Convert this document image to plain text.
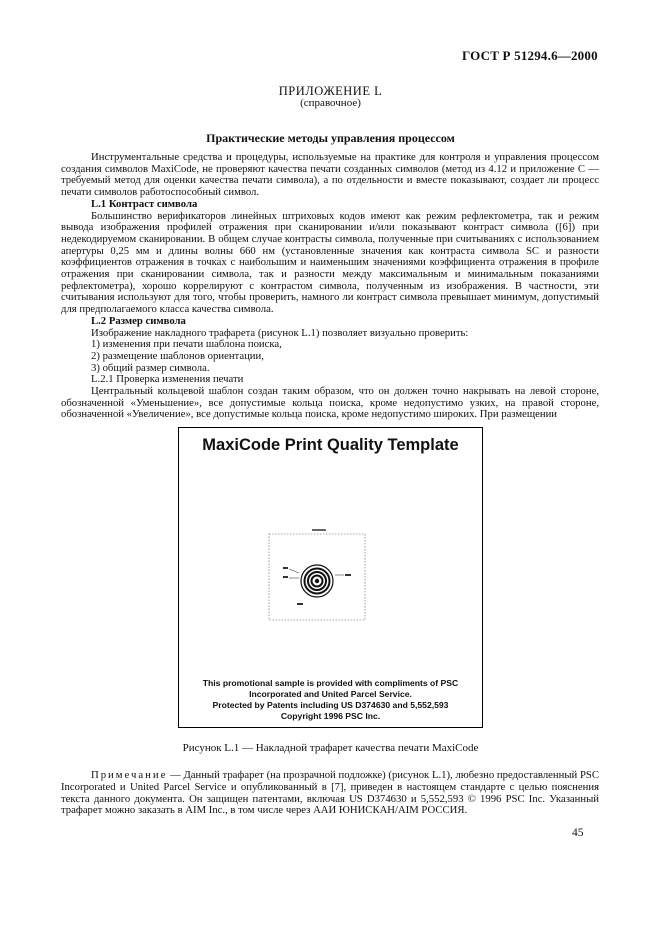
ГОСТ Р 51294.6—2000
ПРИЛОЖЕНИЕ L
(справочное)
Практические методы управления процессом

Инструментальные средства и процедуры, используемые на практике для контроля и управления процессом создания символов MaxiCode, не проверяют качества печати созданных символов (метод из 4.12 и приложение С — требуемый метод для оценки качества печати символа), а по отдельности и вместе показывают, создает ли процесс печати символов работоспособный символ.

L.1 Контраст символа

Большинство верификаторов линейных штриховых кодов имеют как режим рефлектометра, так и режим вывода изображения профилей отражения при сканировании и/или показывают контраст символа ([6]) при недекодируемом сканировании. В общем случае контрасты символа, полученные при считываниях с использованием апертуры 0,25 мм и длины волны 660 нм (установленные значения как контраста символа SC и разности коэффициентов отражения в точках с наибольшим и наименьшим значениями коэффициента отражения в профиле отражения при сканировании символа, так и разности между максимальным и минимальным показаниями рефлектометра), хорошо коррелируют с контрастом символа, полученным из изображения. В частности, эти считывания используют для того, чтобы проверить, намного ли контраст символа превышает минимум, допустимый для предполагаемого класса качества символа.

L.2 Размер символа

Изображение накладного трафарета (рисунок L.1) позволяет визуально проверить:

1) изменения при печати шаблона поиска,

2) размещение шаблонов ориентации,

3) общий размер символа.

L.2.1 Проверка изменения печати

Центральный кольцевой шаблон создан таким образом, что он должен точно накрывать на левой стороне, обозначенной «Уменьшение», все допустимые кольца поиска, кроме недопустимо узких, на правой стороне, обозначенной «Увеличение», все допустимые кольца поиска, кроме недопустимо широких. При размещении

MaxiCode Print Quality Template
This promotional sample is provided with compliments of PSC
Incorporated and United Parcel Service.
Protected by Patents including US D374630 and 5,552,593
Copyright 1996 PSC Inc.
Рисунок L.1 — Накладной трафарет качества печати MaxiCode

Примечание — Данный трафарет (на прозрачной подложке) (рисунок L.1), любезно предоставленный PSC Incorporated и United Parcel Service и опубликованный в [7], приведен в настоящем стандарте с целью пояснения текста данного документа. Он защищен патентами, включая US D374630 и 5,552,593 © 1996 PSC Inc. Указанный трафарет можно заказать в AIM Inc., в том числе через ААИ ЮНИСКАН/AIM РОССИЯ.

45
